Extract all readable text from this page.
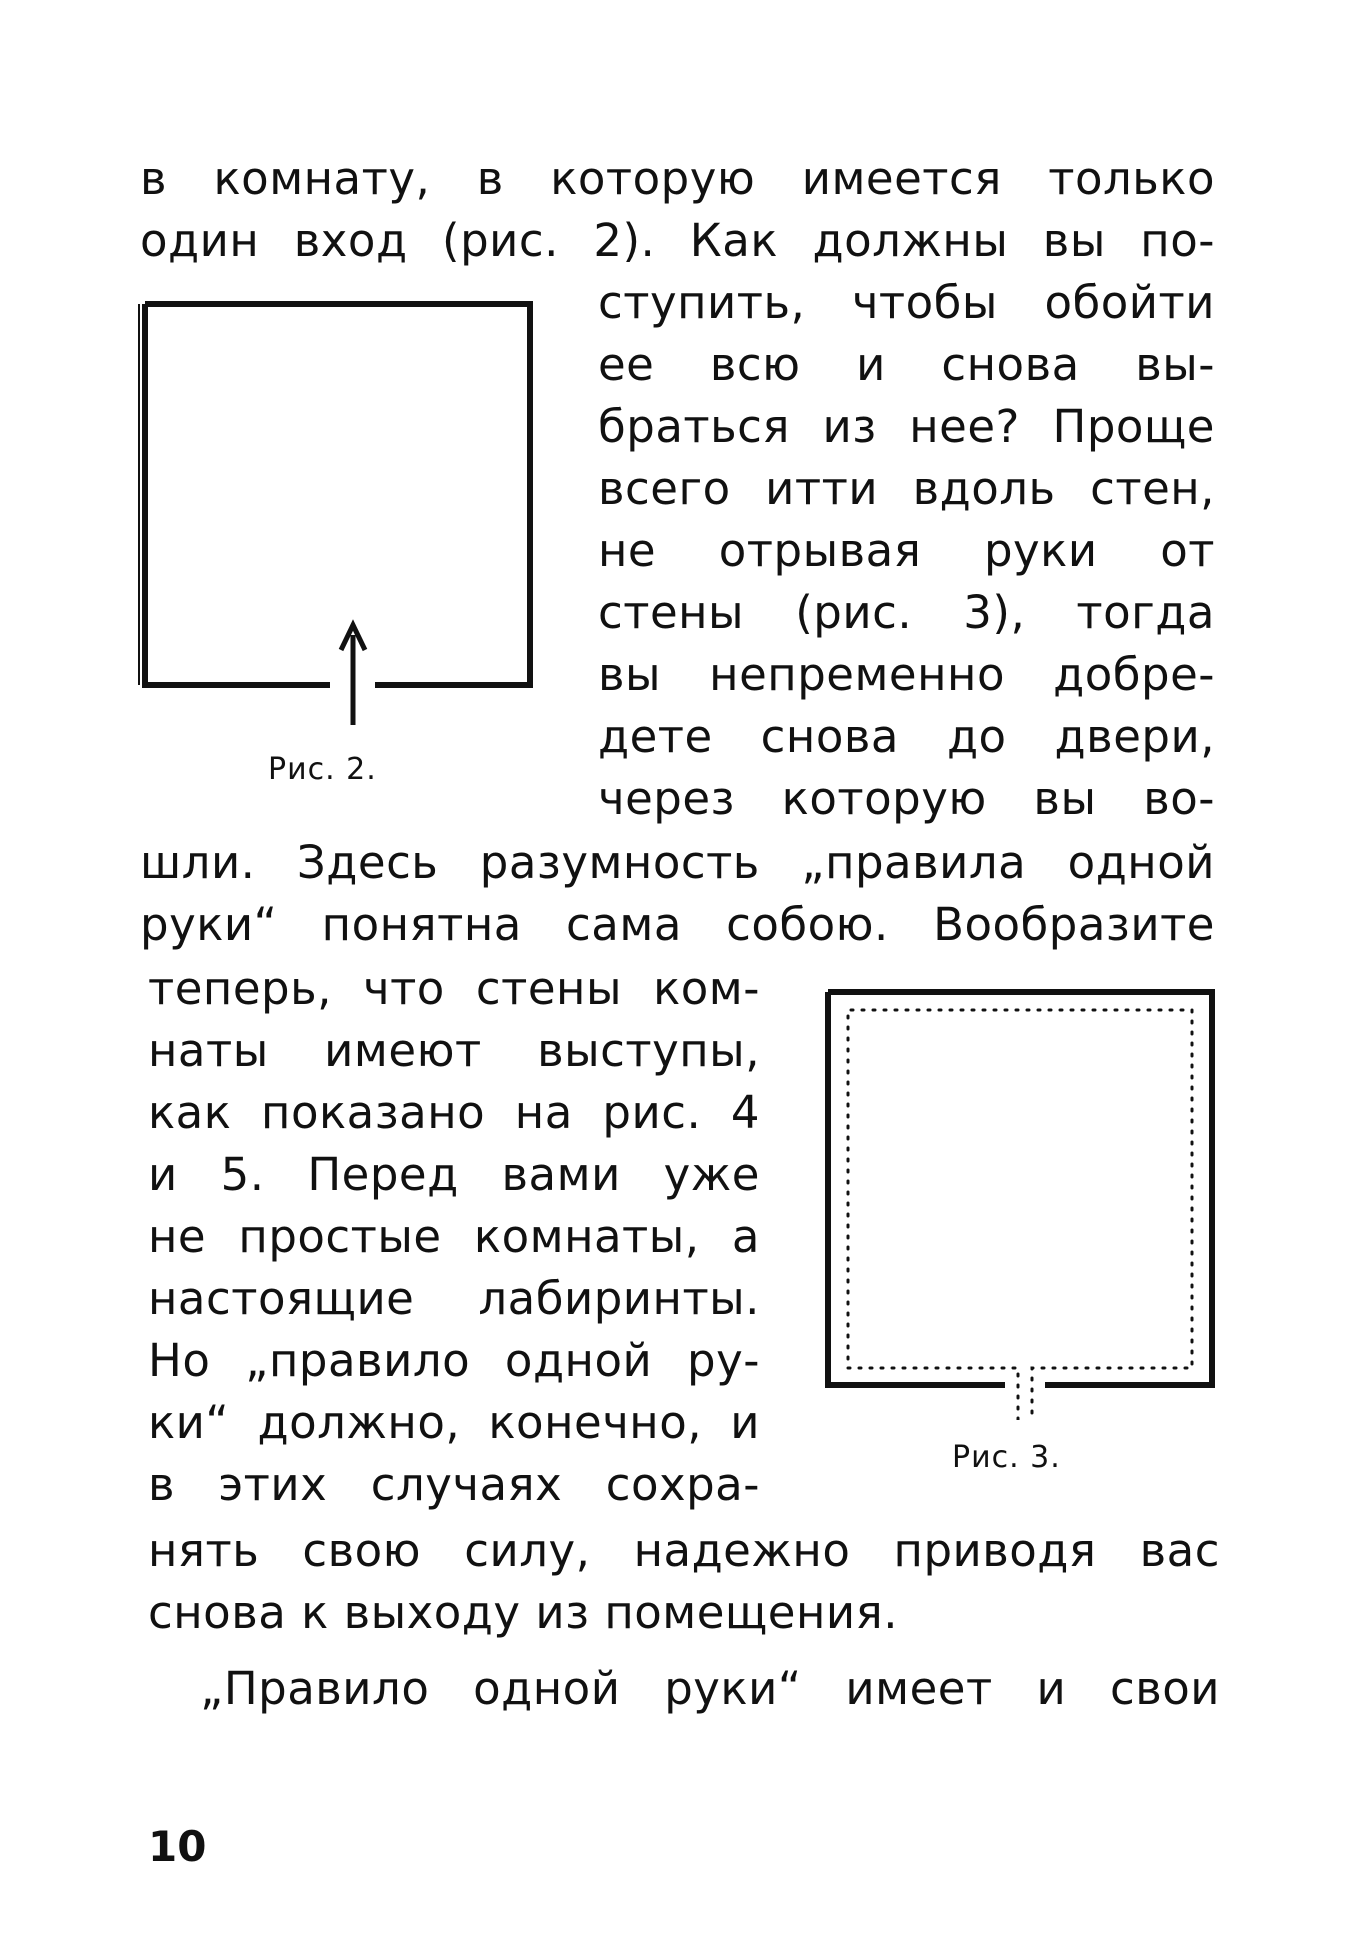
в комнату, в которую имеется только
один вход (рис. 2). Как должны вы по-
Рис. 2.
ступить, чтобы обойти
ее всю и снова вы-
браться из нее? Проще
всего итти вдоль стен,
не отрывая руки от
стены (рис. 3), тогда
вы непременно добре-
дете снова до двери,
через которую вы во-
шли. Здесь разумность „правила одной
руки“ понятна сама собою. Вообразите
теперь, что стены ком-
наты имеют выступы,
как показано на рис. 4
и 5. Перед вами уже
не простые комнаты, а
настоящие лабиринты.
Но „правило одной ру-
ки“ должно, конечно, и
в этих случаях сохра-
Рис. 3.
нять свою силу, надежно приводя вас
снова к выходу из помещения.
„Правило одной руки“ имеет и свои
10
